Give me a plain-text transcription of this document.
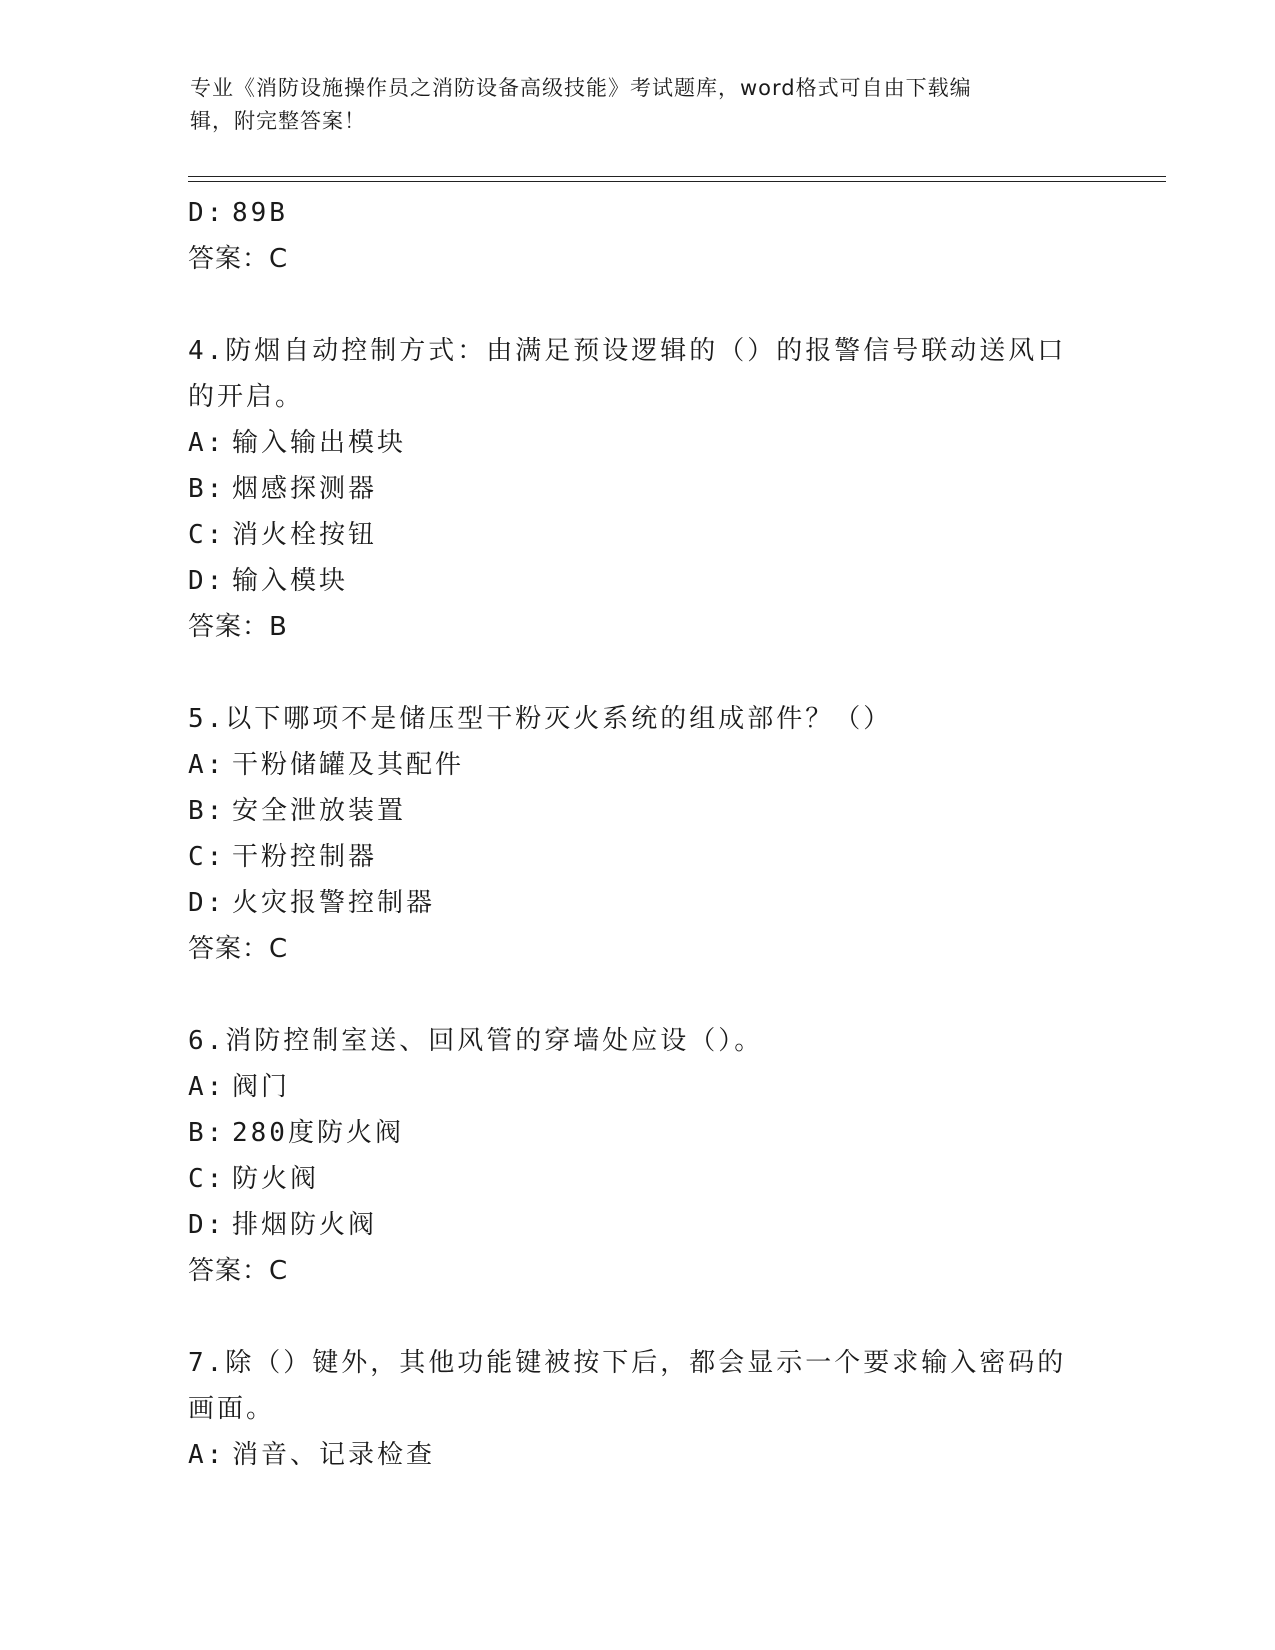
专业《消防设施操作员之消防设备高级技能》考试题库，word格式可自由下载编
辑，附完整答案！
D: 89B
答案：C
4.防烟自动控制方式：由满足预设逻辑的（）的报警信号联动送风口
的开启。
A: 输入输出模块
B: 烟感探测器
C: 消火栓按钮
D: 输入模块
答案：B
5.以下哪项不是储压型干粉灭火系统的组成部件？（）
A: 干粉储罐及其配件
B: 安全泄放装置
C: 干粉控制器
D: 火灾报警控制器
答案：C
6.消防控制室送、回风管的穿墙处应设（）。
A: 阀门
B: 280度防火阀
C: 防火阀
D: 排烟防火阀
答案：C
7.除（）键外，其他功能键被按下后，都会显示一个要求输入密码的
画面。
A: 消音、记录检查
